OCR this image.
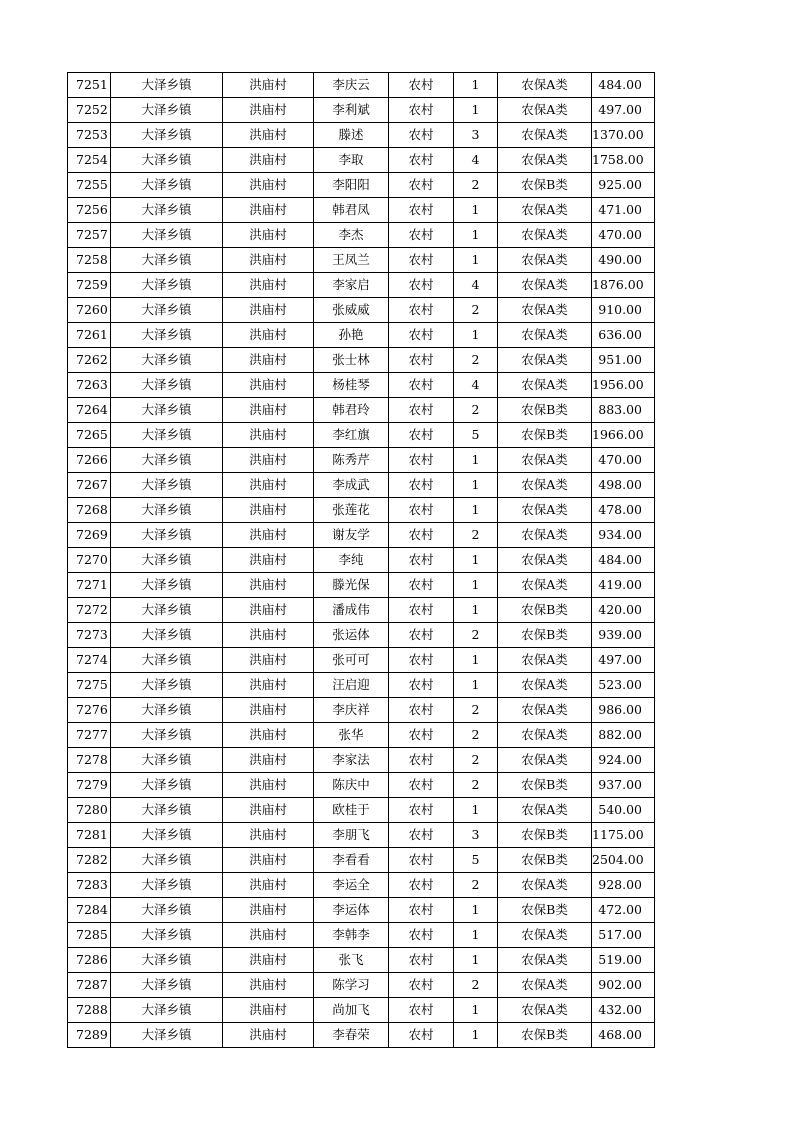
7251	大泽乡镇	洪庙村	李庆云	农村	1	农保A类	484.00
7252	大泽乡镇	洪庙村	李利斌	农村	1	农保A类	497.00
7253	大泽乡镇	洪庙村	滕述	农村	3	农保A类	1370.00
7254	大泽乡镇	洪庙村	李取	农村	4	农保A类	1758.00
7255	大泽乡镇	洪庙村	李阳阳	农村	2	农保B类	925.00
7256	大泽乡镇	洪庙村	韩君凤	农村	1	农保A类	471.00
7257	大泽乡镇	洪庙村	李杰	农村	1	农保A类	470.00
7258	大泽乡镇	洪庙村	王凤兰	农村	1	农保A类	490.00
7259	大泽乡镇	洪庙村	李家启	农村	4	农保A类	1876.00
7260	大泽乡镇	洪庙村	张威威	农村	2	农保A类	910.00
7261	大泽乡镇	洪庙村	孙艳	农村	1	农保A类	636.00
7262	大泽乡镇	洪庙村	张士林	农村	2	农保A类	951.00
7263	大泽乡镇	洪庙村	杨桂琴	农村	4	农保A类	1956.00
7264	大泽乡镇	洪庙村	韩君玲	农村	2	农保B类	883.00
7265	大泽乡镇	洪庙村	李红旗	农村	5	农保B类	1966.00
7266	大泽乡镇	洪庙村	陈秀芹	农村	1	农保A类	470.00
7267	大泽乡镇	洪庙村	李成武	农村	1	农保A类	498.00
7268	大泽乡镇	洪庙村	张莲花	农村	1	农保A类	478.00
7269	大泽乡镇	洪庙村	谢友学	农村	2	农保A类	934.00
7270	大泽乡镇	洪庙村	李纯	农村	1	农保A类	484.00
7271	大泽乡镇	洪庙村	滕光保	农村	1	农保A类	419.00
7272	大泽乡镇	洪庙村	潘成伟	农村	1	农保B类	420.00
7273	大泽乡镇	洪庙村	张运体	农村	2	农保B类	939.00
7274	大泽乡镇	洪庙村	张可可	农村	1	农保A类	497.00
7275	大泽乡镇	洪庙村	汪启迎	农村	1	农保A类	523.00
7276	大泽乡镇	洪庙村	李庆祥	农村	2	农保A类	986.00
7277	大泽乡镇	洪庙村	张华	农村	2	农保A类	882.00
7278	大泽乡镇	洪庙村	李家法	农村	2	农保A类	924.00
7279	大泽乡镇	洪庙村	陈庆中	农村	2	农保B类	937.00
7280	大泽乡镇	洪庙村	欧桂于	农村	1	农保A类	540.00
7281	大泽乡镇	洪庙村	李朋飞	农村	3	农保B类	1175.00
7282	大泽乡镇	洪庙村	李看看	农村	5	农保B类	2504.00
7283	大泽乡镇	洪庙村	李运全	农村	2	农保A类	928.00
7284	大泽乡镇	洪庙村	李运体	农村	1	农保B类	472.00
7285	大泽乡镇	洪庙村	李韩李	农村	1	农保A类	517.00
7286	大泽乡镇	洪庙村	张飞	农村	1	农保A类	519.00
7287	大泽乡镇	洪庙村	陈学习	农村	2	农保A类	902.00
7288	大泽乡镇	洪庙村	尚加飞	农村	1	农保A类	432.00
7289	大泽乡镇	洪庙村	李春荣	农村	1	农保B类	468.00
